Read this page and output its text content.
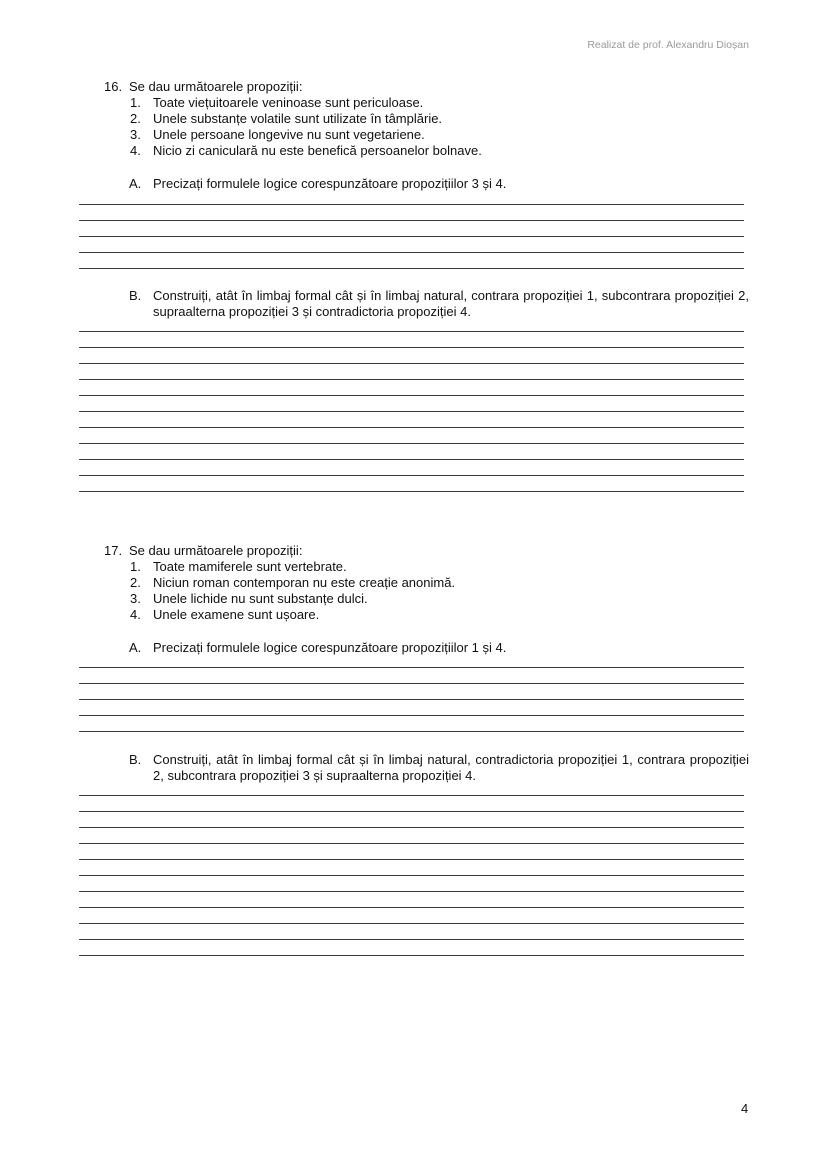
Realizat de prof. Alexandru Dioșan
16. Se dau următoarele propoziții:
1. Toate viețuitoarele veninoase sunt periculoase.
2. Unele substanțe volatile sunt utilizate în tâmplărie.
3. Unele persoane longevive nu sunt vegetariene.
4. Nicio zi caniculară nu este benefică persoanelor bolnave.
A. Precizați formulele logice corespunzătoare propozițiilor 3 și 4.
B. Construiți, atât în limbaj formal cât și în limbaj natural, contrara propoziției 1, subcontrara propoziției 2, supraalterna propoziției 3 și contradictoria propoziției 4.
17. Se dau următoarele propoziții:
1. Toate mamiferele sunt vertebrate.
2. Niciun roman contemporan nu este creație anonimă.
3. Unele lichide nu sunt substanțe dulci.
4. Unele examene sunt ușoare.
A. Precizați formulele logice corespunzătoare propozițiilor 1 și 4.
B. Construiți, atât în limbaj formal cât și în limbaj natural, contradictoria propoziției 1, contrara propoziției 2, subcontrara propoziției 3 și supraalterna propoziției 4.
4
